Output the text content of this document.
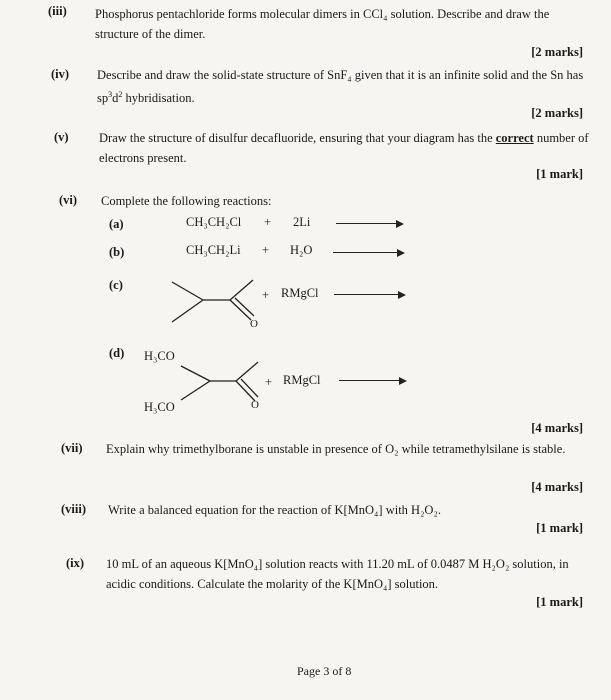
(iii) Phosphorus pentachloride forms molecular dimers in CCl₄ solution. Describe and draw the structure of the dimer.
[2 marks]
(iv) Describe and draw the solid-state structure of SnF₄ given that it is an infinite solid and the Sn has $sp^3d^2$ hybridisation.
[2 marks]
(v) Draw the structure of disulfur decafluoride, ensuring that your diagram has the correct number of electrons present.
[1 mark]
(vi) Complete the following reactions:
(a)	CH₃CH₂Cl + 2Li
(b)	CH₃CH₂Li + H₂O
(c)
O
+ RMgCl
(d) H₃CO
H₃CO	O
+ RMgCl
[4 marks]
(vii) Explain why trimethylborane is unstable in presence of O₂ while tetramethylsilane is stable.
[4 marks]
(viii) Write a balanced equation for the reaction of K[MnO₄] with H₂O₂.
[1 mark]
(ix) 10 mL of an aqueous K[MnO₄] solution reacts with 11.20 mL of 0.0487 M H₂O₂ solution, in acidic conditions. Calculate the molarity of the K[MnO₄] solution.
[1 mark]
Page 3 of 8
